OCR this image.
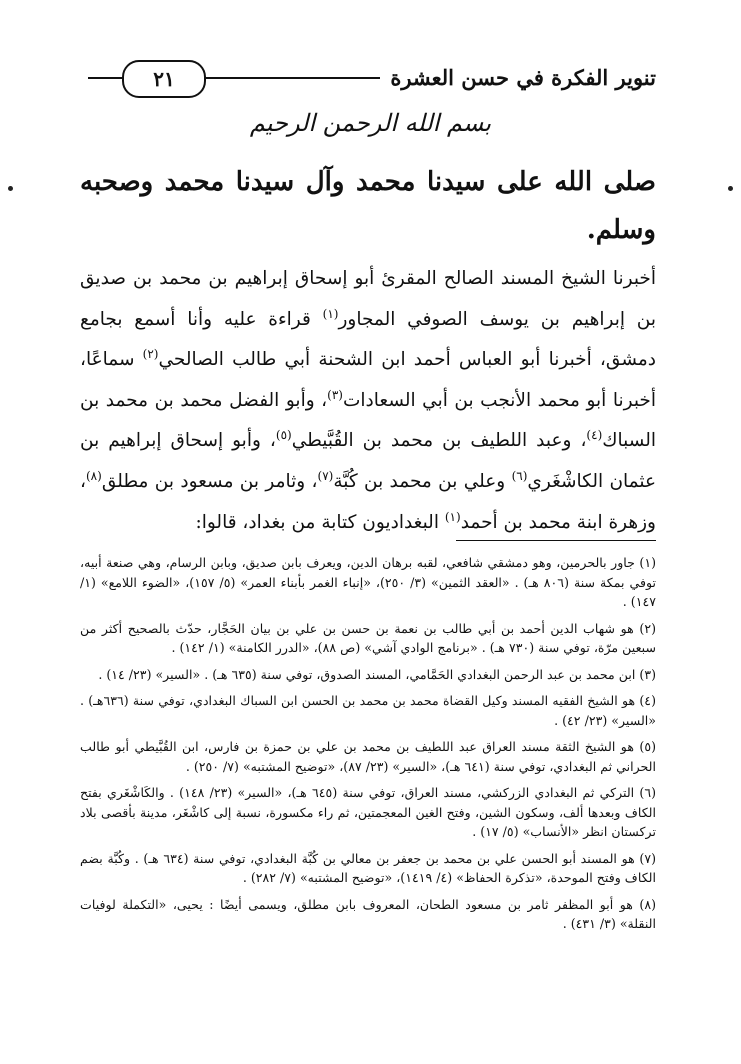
٢١	تنوير الفكرة في حسن العشرة
بسم الله الرحمن الرحيم
صلى الله على سيدنا محمد وآل سيدنا محمد وصحبه وسلم.
أخبرنا الشيخ المسند الصالح المقرئ أبو إسحاق إبراهيم بن محمد بن صديق بن إبراهيم بن يوسف الصوفي المجاور$^{(١)}$ قراءة عليه وأنا أسمع بجامع دمشق، أخبرنا أبو العباس أحمد ابن الشحنة أبي طالب الصالحي$^{(٢)}$ سماعًا، أخبرنا أبو محمد الأنجب بن أبي السعادات$^{(٣)}$، وأبو الفضل محمد بن محمد بن السباك$^{(٤)}$، وعبد اللطيف بن محمد بن القُبَّيطي$^{(٥)}$، وأبو إسحاق إبراهيم بن عثمان الكاشْغَري$^{(٦)}$ وعلي بن محمد بن كُبَّة$^{(٧)}$، وثامر بن مسعود بن مطلق$^{(٨)}$، وزهرة ابنة محمد بن أحمد$^{(١)}$ البغداديون كتابة من بغداد، قالوا:

(١) جاور بالحرمين، وهو دمشقي شافعي، لقبه برهان الدين، ويعرف بابن صديق، وبابن الرسام، وهي صنعة أبيه، توفي بمكة سنة (٨٠٦ هـ) . «العقد الثمين» (٣/ ٢٥٠)، «إنباء الغمر بأبناء العمر» (٥/ ١٥٧)، «الضوء اللامع» (١/ ١٤٧) .

(٢) هو شهاب الدين أحمد بن أبي طالب بن نعمة بن حسن بن علي بن بيان الحَجَّار، حدّث بالصحيح أكثر من سبعين مرّة، توفي سنة (٧٣٠ هـ) . «برنامج الوادي آشي» (ص ٨٨)، «الدرر الكامنة» (١/ ١٤٢) .

(٣) ابن محمد بن عبد الرحمن البغدادي الحَمَّامي، المسند الصدوق، توفي سنة (٦٣٥ هـ) . «السير» (٢٣/ ١٤) .

(٤) هو الشيخ الفقيه المسند وكيل القضاة محمد بن محمد بن الحسن ابن السباك البغدادي، توفي سنة (٦٣٦هـ) . «السير» (٢٣/ ٤٢) .

(٥) هو الشيخ الثقة مسند العراق عبد اللطيف بن محمد بن علي بن حمزة بن فارس، ابن القُبَّيطي أبو طالب الحراني ثم البغدادي، توفي سنة (٦٤١ هـ)، «السير» (٢٣/ ٨٧)، «توضيح المشتبه» (٧/ ٢٥٠) .

(٦) التركي ثم البغدادي الزركشي، مسند العراق، توفي سنة (٦٤٥ هـ)، «السير» (٢٣/ ١٤٨) . والكَاشْغَري بفتح الكاف وبعدها ألف، وسكون الشين، وفتح الغين المعجمتين، ثم راء مكسورة، نسبة إلى كاشْغَر، مدينة بأقصى بلاد تركستان انظر «الأنساب» (٥/ ١٧) .

(٧) هو المسند أبو الحسن علي بن محمد بن جعفر بن معالي بن كُبَّة البغدادي، توفي سنة (٦٣٤ هـ) . وكُبَّة بضم الكاف وفتح الموحدة، «تذكرة الحفاظ» (٤/ ١٤١٩)، «توضيح المشتبه» (٧/ ٢٨٢) .

(٨) هو أبو المظفر ثامر بن مسعود الطحان، المعروف بابن مطلق، ويسمى أيضًا : يحيى، «التكملة لوفيات النقلة» (٣/ ٤٣١) .
